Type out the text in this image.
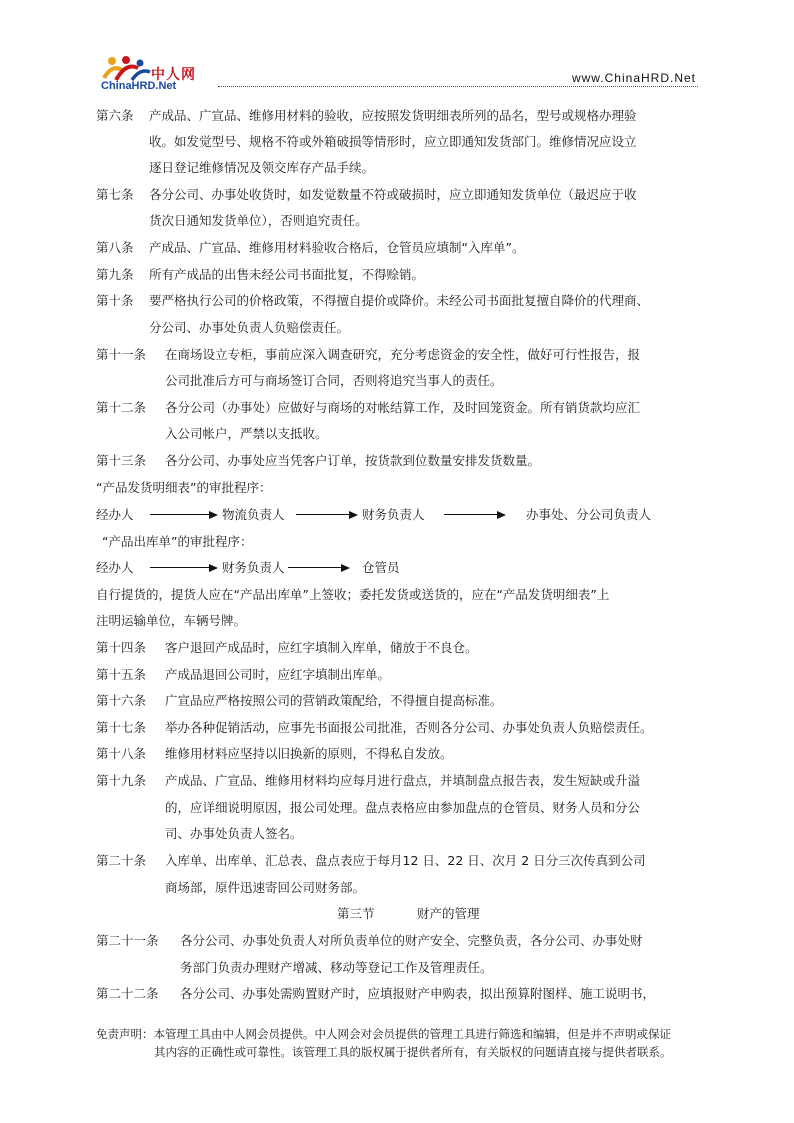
中人网
ChinaHRD.Net
www.ChinaHRD.Net
第六条 产成品、广宣品、维修用材料的验收，应按照发货明细表所列的品名，型号或规格办理验
收。如发觉型号、规格不符或外箱破损等情形时，应立即通知发货部门。维修情况应设立
逐日登记维修情况及领交库存产品手续。
第七条 各分公司、办事处收货时，如发觉数量不符或破损时，应立即通知发货单位（最迟应于收
货次日通知发货单位），否则追究责任。
第八条 产成品、广宣品、维修用材料验收合格后，仓管员应填制“入库单”。
第九条 所有产成品的出售未经公司书面批复，不得赊销。
第十条 要严格执行公司的价格政策，不得擅自提价或降价。未经公司书面批复擅自降价的代理商、
分公司、办事处负责人负赔偿责任。
第十一条 在商场设立专柜，事前应深入调查研究，充分考虑资金的安全性，做好可行性报告，报
公司批准后方可与商场签订合同，否则将追究当事人的责任。
第十二条 各分公司（办事处）应做好与商场的对帐结算工作，及时回笼资金。所有销货款均应汇
入公司帐户，严禁以支抵收。
第十三条 各分公司、办事处应当凭客户订单，按货款到位数量安排发货数量。
“产品发货明细表”的审批程序：
经办人	物流负责人	财务负责人	办事处、分公司负责人
“产品出库单”的审批程序：
经办人	财务负责人	仓管员
自行提货的，提货人应在“产品出库单”上签收；委托发货或送货的，应在“产品发货明细表”上
注明运输单位，车辆号牌。
第十四条 客户退回产成品时，应红字填制入库单，储放于不良仓。
第十五条 产成品退回公司时，应红字填制出库单。
第十六条 广宣品应严格按照公司的营销政策配给，不得擅自提高标准。
第十七条 举办各种促销活动，应事先书面报公司批准，否则各分公司、办事处负责人负赔偿责任。
第十八条 维修用材料应坚持以旧换新的原则，不得私自发放。
第十九条 产成品、广宣品、维修用材料均应每月进行盘点，并填制盘点报告表，发生短缺或升溢
的，应详细说明原因，报公司处理。盘点表格应由参加盘点的仓管员、财务人员和分公
司、办事处负责人签名。
第二十条 入库单、出库单、汇总表、盘点表应于每月12 日、22 日、次月 2 日分三次传真到公司
商场部，原件迅速寄回公司财务部。
第三节	财产的管理
第二十一条 各分公司、办事处负责人对所负责单位的财产安全、完整负责，各分公司、办事处财
务部门负责办理财产增减、移动等登记工作及管理责任。
第二十二条 各分公司、办事处需购置财产时，应填报财产申购表，拟出预算附图样、施工说明书，
免责声明：本管理工具由中人网会员提供。中人网会对会员提供的管理工具进行筛选和编辑，但是并不声明或保证
其内容的正确性或可靠性。该管理工具的版权属于提供者所有，有关版权的问题请直接与提供者联系。
